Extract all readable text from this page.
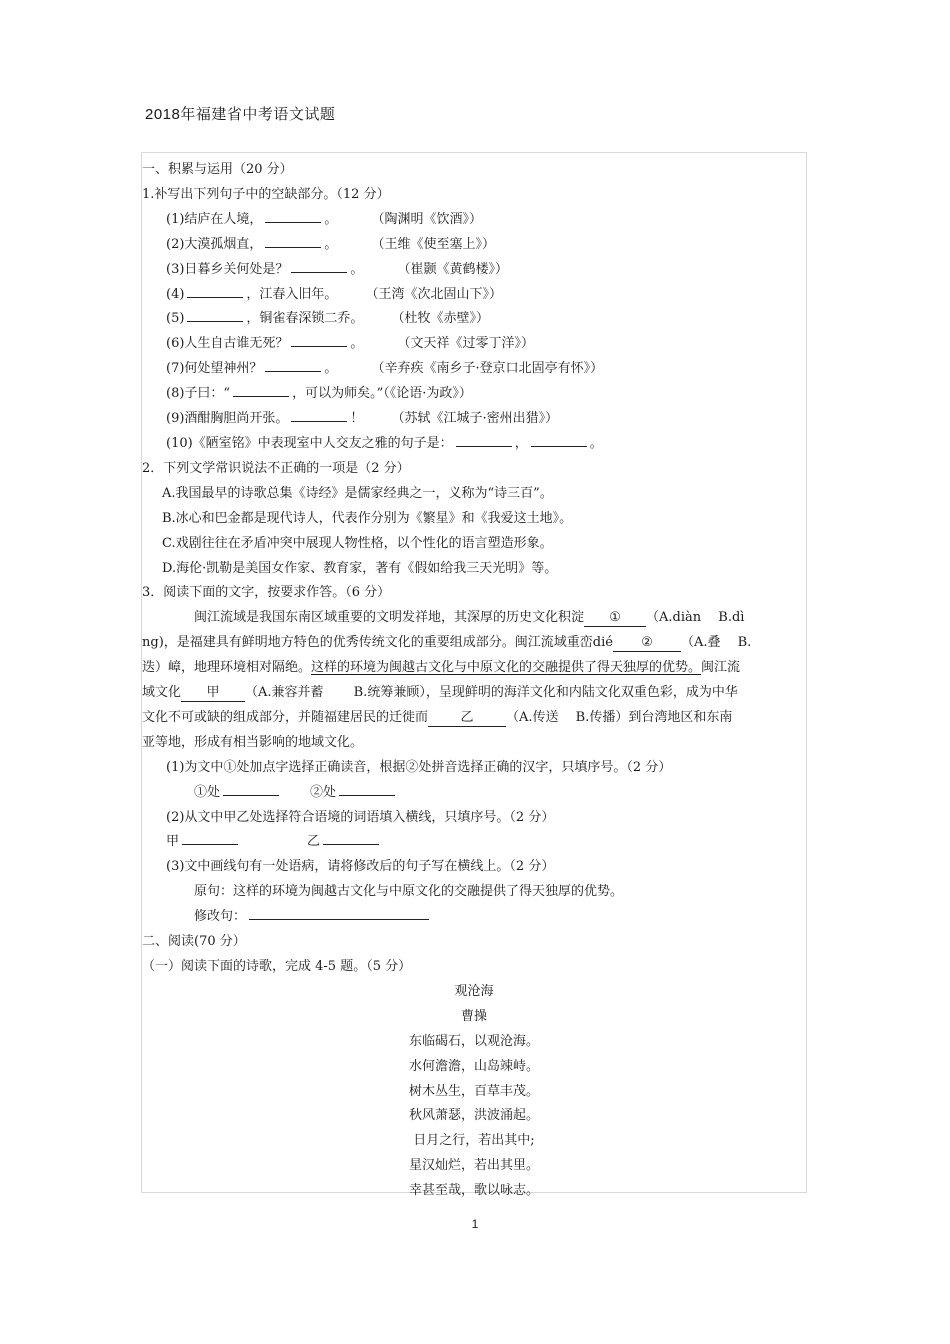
2018年福建省中考语文试题
一、积累与运用（20 分）
1.补写出下列句子中的空缺部分。（12 分）
(1)结庐在人境，	。	（陶渊明《饮酒》）
(2)大漠孤烟直，	。	（王维《使至塞上》）
(3)日暮乡关何处是？	。	（崔颢《黄鹤楼》）
(4)	，江春入旧年。 （王湾《次北固山下》）
(5)	，铜雀春深锁二乔。 （杜牧《赤壁》）
(6)人生自古谁无死？	。	（文天祥《过零丁洋》）
(7)何处望神州？	。	（辛弃疾《南乡子·登京口北固亭有怀》）
(8)子曰：“	，可以为师矣。”（《论语·为政》）
(9)酒酣胸胆尚开张。	！ （苏轼《江城子·密州出猎》）
(10)《陋室铭》中表现室中人交友之雅的句子是：	，	。
2．下列文学常识说法不正确的一项是（2 分）
A.我国最早的诗歌总集《诗经》是儒家经典之一，义称为“诗三百”。
B.冰心和巴金都是现代诗人，代表作分别为《繁星》和《我爱这土地》。
C.戏剧往往在矛盾冲突中展现人物性格，以个性化的语言塑造形象。
D.海伦·凯勒是美国女作家、教育家，著有《假如给我三天光明》等。
3．阅读下面的文字，按要求作答。（6 分）
闽江流域是我国东南区域重要的文明发祥地，其深厚的历史文化积淀 ① （A.diàn　 B.dì
ng)，是福建具有鲜明地方特色的优秀传统文化的重要组成部分。闽江流域重峦dié ② （A.叠　 B.
迭）嶂，地理环境相对隔绝。这样的环境为闽越古文化与中原文化的交融提供了得天独厚的优势。闽江流
域文化 甲 （A.兼容并蓄　　 B.统筹兼顾），呈现鲜明的海洋文化和内陆文化双重色彩，成为中华
文化不可或缺的组成部分，并随福建居民的迁徙而 乙	（A.传送　 B.传播）到台湾地区和东南
亚等地，形成有相当影响的地域文化。
(1)为文中①处加点字选择正确读音，根据②处拼音选择正确的汉字，只填序号。（2 分）
①处	②处
(2)从文中甲乙处选择符合语境的词语填入横线，只填序号。（2 分）
甲	乙
(3)文中画线句有一处语病，请将修改后的句子写在横线上。（2 分）
原句：这样的环境为闽越古文化与中原文化的交融提供了得天独厚的优势。
修改句：
二、阅读(70 分）
（一）阅读下面的诗歌，完成 4-5 题。（5 分）
观沧海
曹操
东临碣石，以观沧海。
水何澹澹，山岛竦峙。
树木丛生，百草丰茂。
秋风萧瑟，洪波涌起。
日月之行，若出其中;
星汉灿烂，若出其里。
幸甚至哉，歌以咏志。
1
